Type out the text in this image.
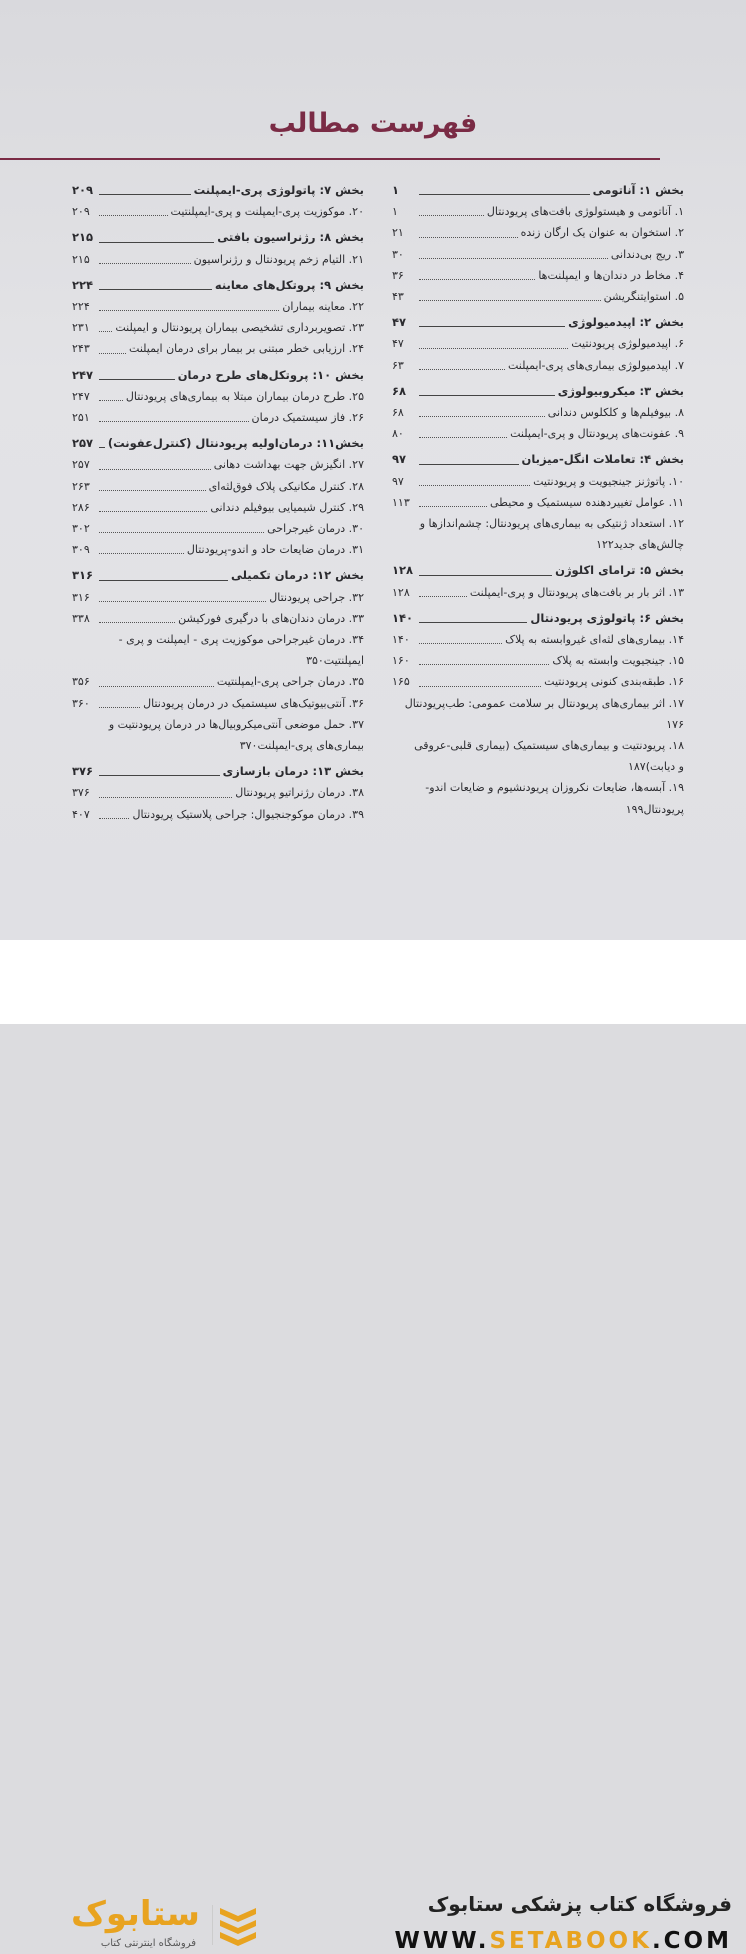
فهرست مطالب
بخش ۱: آناتومی
۱
۱. آناتومی و هیستولوژی بافت‌های پریودنتال
۱
۲. استخوان به عنوان یک ارگان زنده
۲۱
۳. ریج بی‌دندانی
۳۰
۴. مخاط در دندان‌ها و ایمپلنت‌ها
۳۶
۵. استوایتنگریشن
۴۳
بخش ۲: اپیدمیولوژی
۴۷
۶. اپیدمیولوژی پریودنتیت
۴۷
۷. اپیدمیولوژی بیماری‌های پری-ایمپلنت
۶۳
بخش ۳: میکروبیولوژی
۶۸
۸. بیوفیلم‌ها و کلکلوس دندانی
۶۸
۹. عفونت‌های پریودنتال و پری-ایمپلنت
۸۰
بخش ۴: تعاملات انگل-میزبان
۹۷
۱۰. پاتوژنز جینجیویت و پریودنتیت
۹۷
۱۱. عوامل تغییردهنده سیستمیک و محیطی
۱۱۳
۱۲. استعداد ژنتیکی به بیماری‌های پریودنتال: چشم‌اندازها و
چالش‌های جدید
۱۲۲
بخش ۵: ترامای اکلوژن
۱۲۸
۱۳. اثر بار بر بافت‌های پریودنتال و پری-ایمپلنت
۱۲۸
بخش ۶: پاتولوژی پریودنتال
۱۴۰
۱۴. بیماری‌های لثه‌ای غیروابسته به پلاک
۱۴۰
۱۵. جینجیویت وابسته به پلاک
۱۶۰
۱۶. طبقه‌بندی کنونی پریودنتیت
۱۶۵
۱۷. اثر بیماری‌های پریودنتال بر سلامت عمومی: طب‌پریودنتال
۱۷۶
۱۸. پریودنتیت و بیماری‌های سیستمیک (بیماری قلبی-عروقی
و دیابت)
۱۸۷
۱۹. آبسه‌ها، ضایعات نکروزان پریودنشیوم و ضایعات اندو-
پریودنتال
۱۹۹
بخش ۷: پاتولوژی پری-ایمپلنت
۲۰۹
۲۰. موکوزیت پری-ایمپلنت و پری-ایمپلنتیت
۲۰۹
بخش ۸: رژنراسیون بافتی
۲۱۵
۲۱. التیام زخم پریودنتال و رژنراسیون
۲۱۵
بخش ۹: پروتکل‌های معاینه
۲۲۴
۲۲. معاینه بیماران
۲۲۴
۲۳. تصویربرداری تشخیصی بیماران پریودنتال و ایمپلنت
۲۳۱
۲۴. ارزیابی خطر مبتنی بر بیمار برای درمان ایمپلنت
۲۴۳
بخش ۱۰: پروتکل‌های طرح درمان
۲۴۷
۲۵. طرح درمان بیماران مبتلا به بیماری‌های پریودنتال
۲۴۷
۲۶. فاز سیستمیک درمان
۲۵۱
بخش۱۱: درمان‌اولیه پریودنتال (کنترل‌عفونت)
۲۵۷
۲۷. انگیزش جهت بهداشت دهانی
۲۵۷
۲۸. کنترل مکانیکی پلاک فوق‌لثه‌ای
۲۶۳
۲۹. کنترل شیمیایی بیوفیلم دندانی
۲۸۶
۳۰. درمان غیرجراحی
۳۰۲
۳۱. درمان ضایعات حاد و اندو-پریودنتال
۳۰۹
بخش ۱۲: درمان تکمیلی
۳۱۶
۳۲. جراحی پریودنتال
۳۱۶
۳۳. درمان دندان‌های با درگیری فورکیشن
۳۳۸
۳۴. درمان غیرجراحی موکوزیت پری - ایمپلنت و پری -
ایمپلنتیت
۳۵۰
۳۵. درمان جراحی پری-ایمپلنتیت
۳۵۶
۳۶. آنتی‌بیوتیک‌های سیستمیک در درمان پریودنتال
۳۶۰
۳۷. حمل موضعی آنتی‌میکروبیال‌ها در درمان پریودنتیت و
بیماری‌های پری-ایمپلنت
۳۷۰
بخش ۱۳: درمان بازسازی
۳۷۶
۳۸. درمان رژنراتیو پریودنتال
۳۷۶
۳۹. درمان موکوجنجیوال: جراحی پلاستیک پریودنتال
۴۰۷
ستابوک
فروشگاه اینترنتی کتاب
فروشگاه کتاب پزشکی ستابوک
WWW.SETABOOK.COM
